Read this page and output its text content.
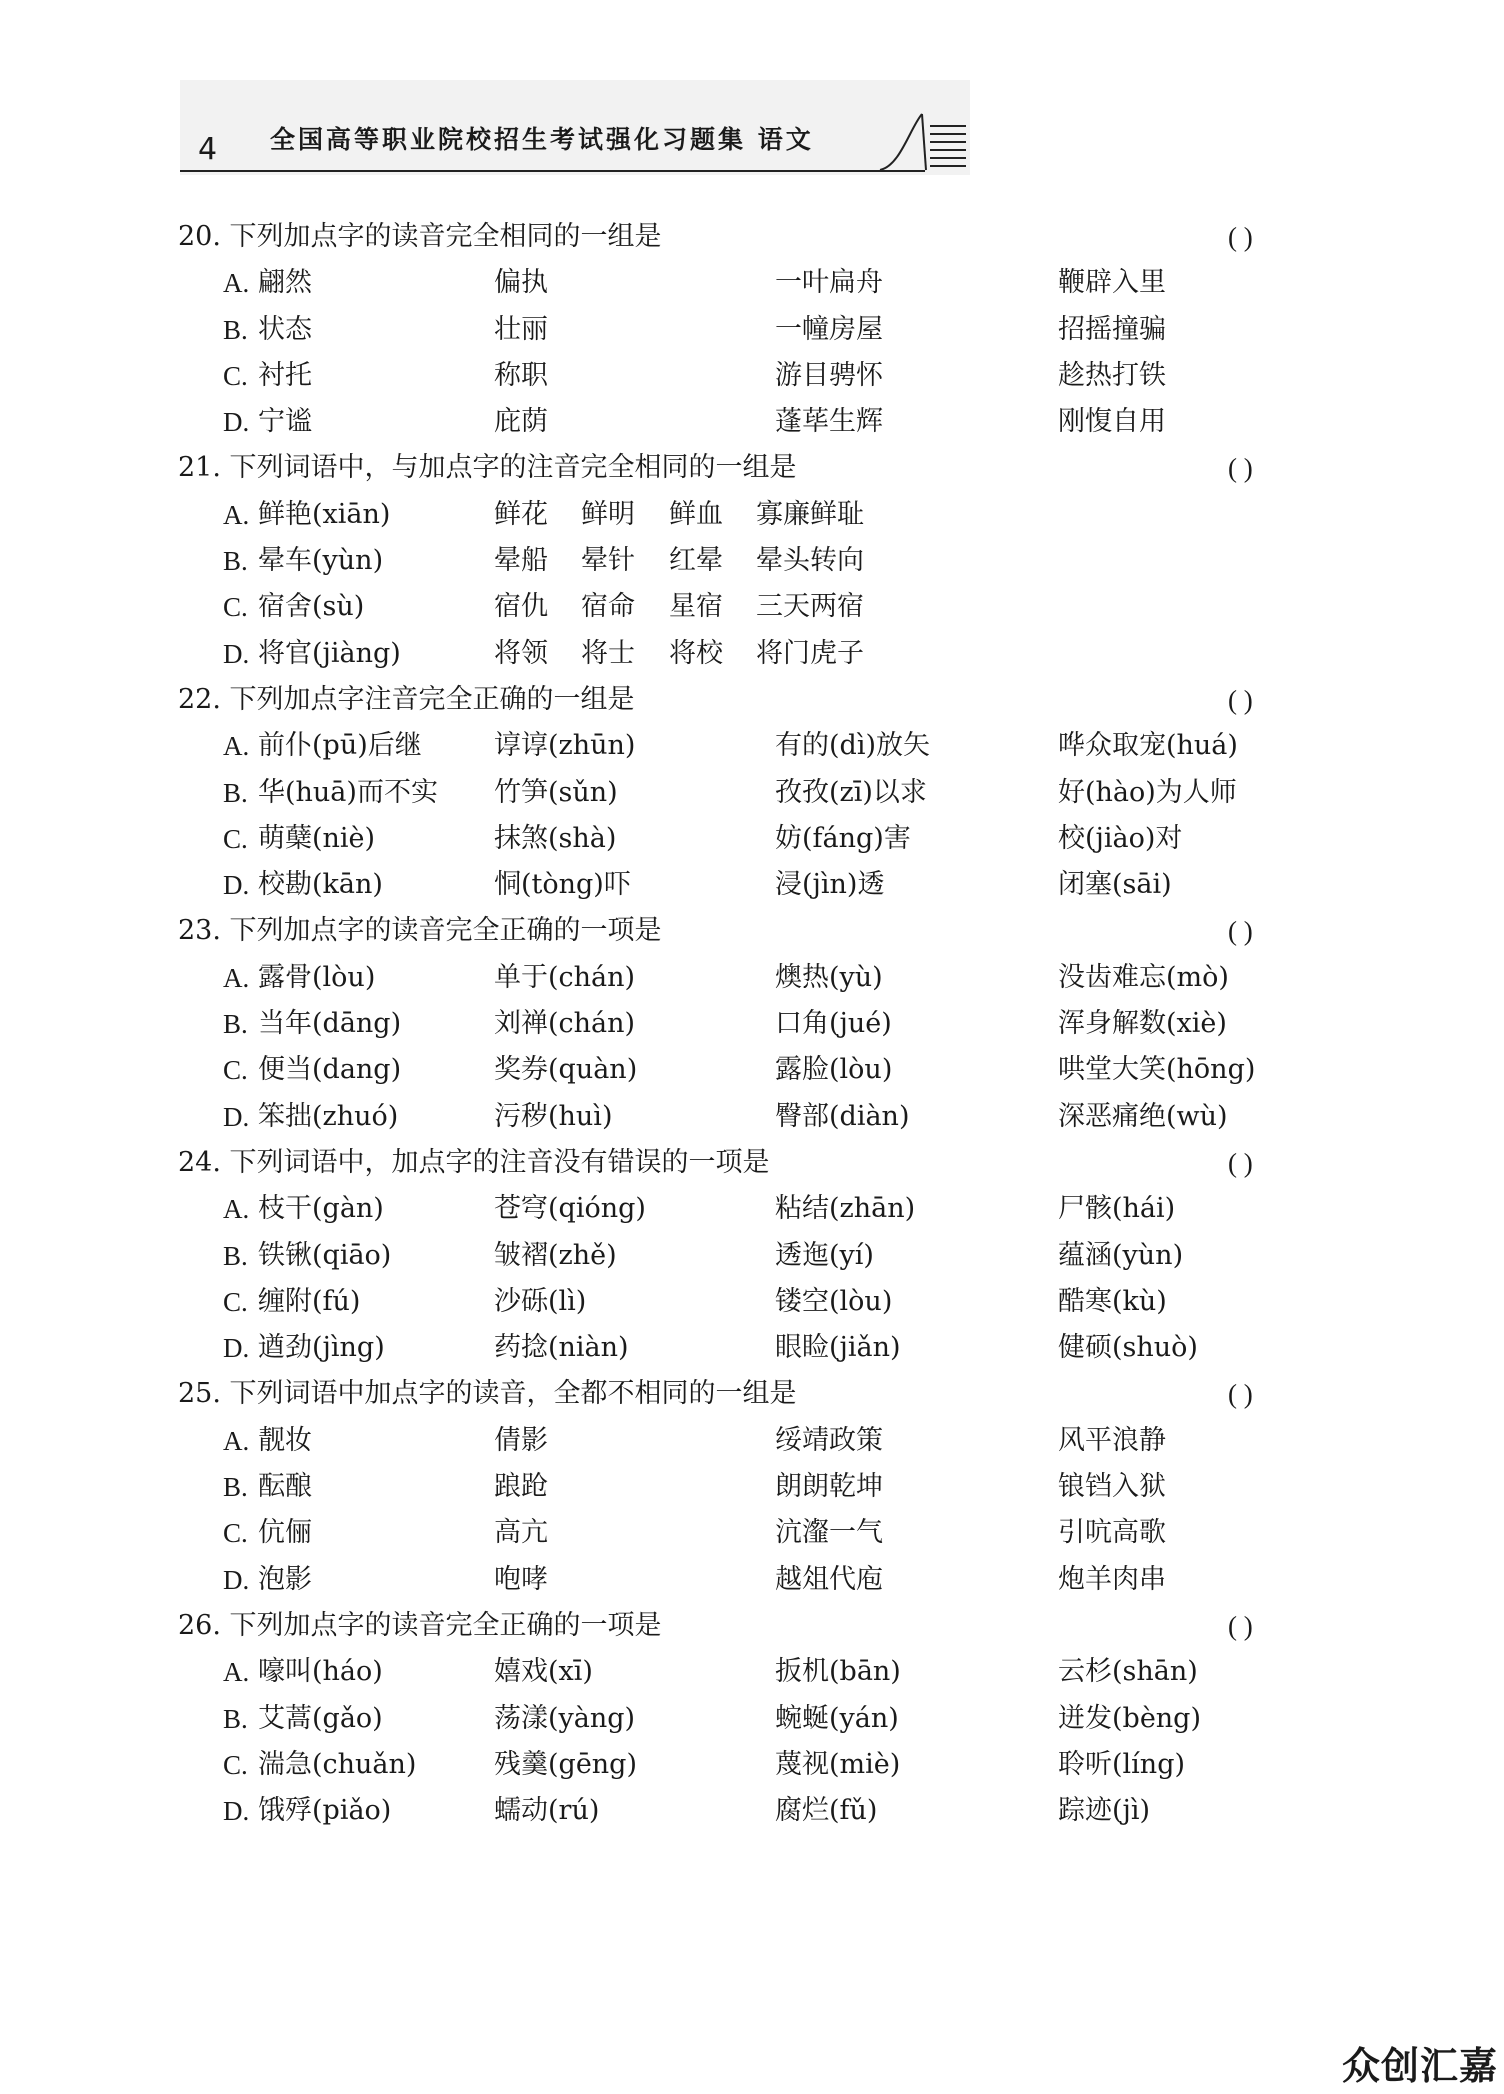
4 全国高等职业院校招生考试强化习题集 语文
20. 下列加点字的读音完全相同的一组是	( )
A. 翩然	偏执	一叶扁舟	鞭辟入里
B. 状态	壮丽	一幢房屋	招摇撞骗
C. 衬托	称职	游目骋怀	趁热打铁
D. 宁谧	庇荫	蓬荜生辉	刚愎自用
21. 下列词语中，与加点字的注音完全相同的一组是	( )
A. 鲜艳(xiān)	鲜花 鲜明 鲜血 寡廉鲜耻
B. 晕车(yùn)	晕船 晕针 红晕 晕头转向
C. 宿舍(sù)	宿仇 宿命 星宿 三天两宿
D. 将官(jiàng)	将领 将士 将校 将门虎子
22. 下列加点字注音完全正确的一组是	( )
A. 前仆(pū)后继	谆谆(zhūn)	有的(dì)放矢	哗众取宠(huá)
B. 华(huā)而不实 竹笋(sǔn)	孜孜(zī)以求	好(hào)为人师
C. 萌蘖(niè)	抹煞(shà)	妨(fáng)害	校(jiào)对
D. 校勘(kān)	恫(tòng)吓	浸(jìn)透	闭塞(sāi)
23. 下列加点字的读音完全正确的一项是	( )
A. 露骨(lòu)	单于(chán)	燠热(yù)	没齿难忘(mò)
B. 当年(dāng)	刘禅(chán)	口角(jué)	浑身解数(xiè)
C. 便当(dang)	奖券(quàn)	露脸(lòu)	哄堂大笑(hōng)
D. 笨拙(zhuó)	污秽(huì)	臀部(diàn)	深恶痛绝(wù)
24. 下列词语中，加点字的注音没有错误的一项是	( )
A. 枝干(gàn)	苍穹(qióng)	粘结(zhān)	尸骸(hái)
B. 铁锹(qiāo)	皱褶(zhě)	透迤(yí)	蕴涵(yùn)
C. 缠附(fú)	沙砾(lì)	镂空(lòu)	酷寒(kù)
D. 遒劲(jìng)	药捻(niàn)	眼睑(jiǎn)	健硕(shuò)
25. 下列词语中加点字的读音，全都不相同的一组是	( )
A. 靓妆	倩影	绥靖政策	风平浪静
B. 酝酿	踉跄	朗朗乾坤	锒铛入狱
C. 伉俪	高亢	沆瀣一气	引吭高歌
D. 泡影	咆哮	越俎代庖	炮羊肉串
26. 下列加点字的读音完全正确的一项是	( )
A. 嚎叫(háo)	嬉戏(xī)	扳机(bān)	云杉(shān)
B. 艾蒿(gǎo)	荡漾(yàng)	蜿蜒(yán)	迸发(bèng)
C. 湍急(chuǎn)	残羹(gēng)	蔑视(miè)	聆听(líng)
D. 饿殍(piǎo)	蠕动(rú)	腐烂(fǔ)	踪迹(jì)
众创汇嘉
